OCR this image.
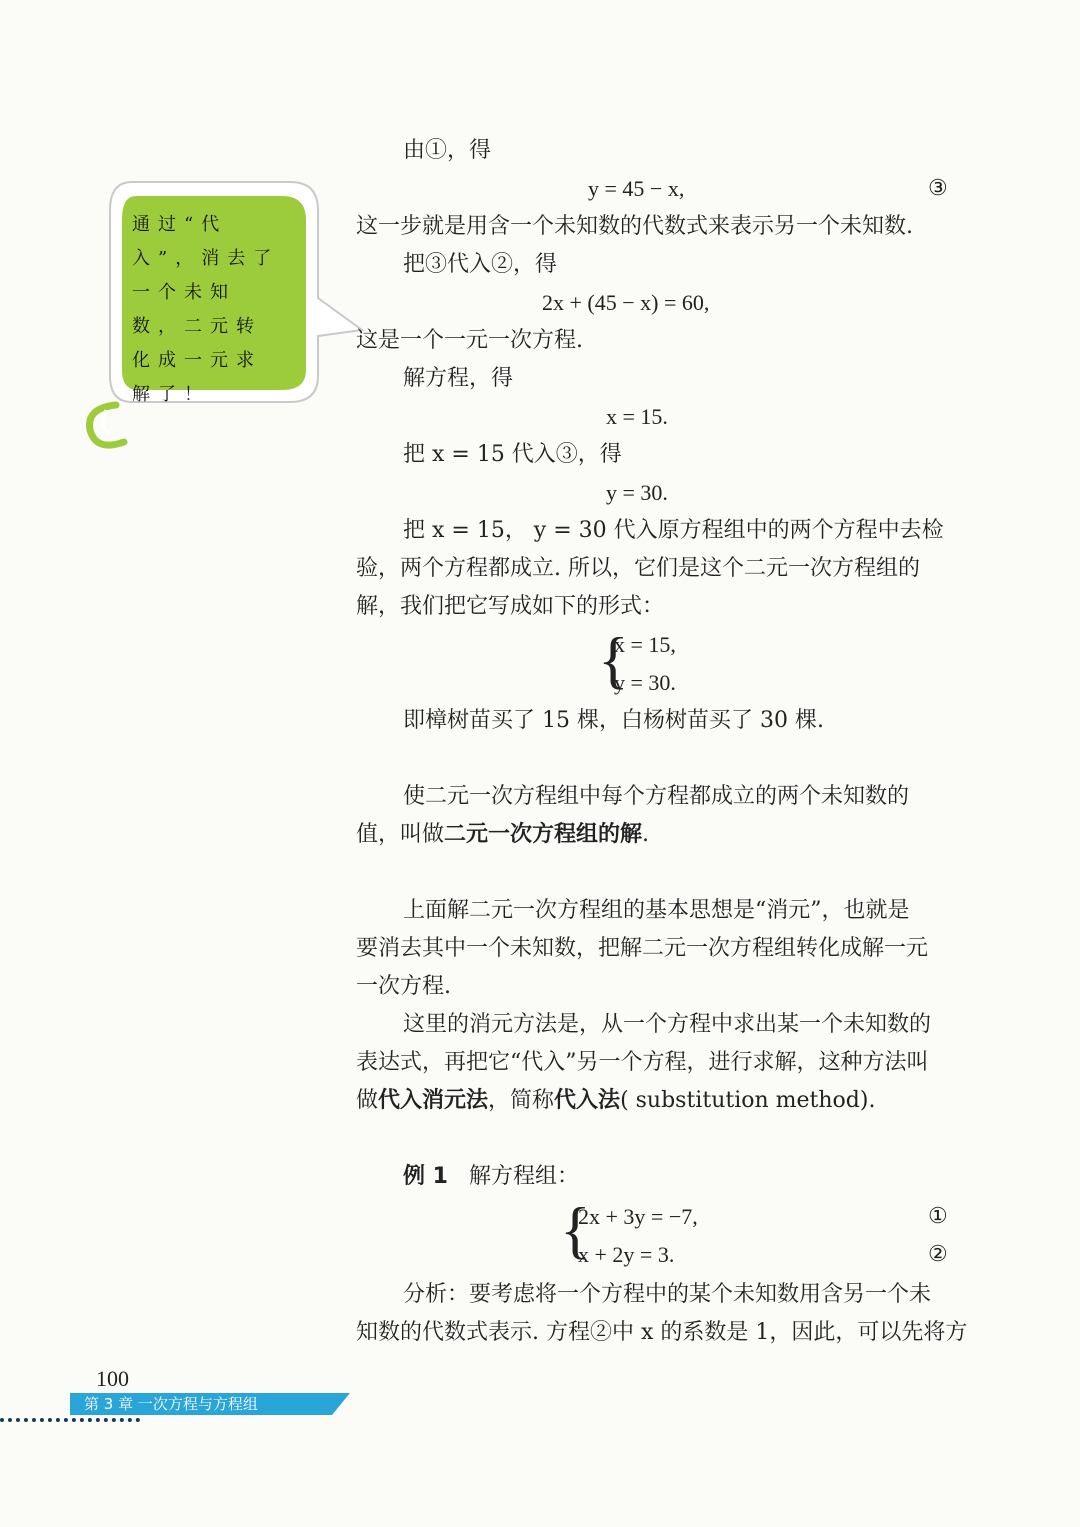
通过“代入”，消去了一个未知数，二元转化成一元求解了！
由①，得
y = 45 − x,	③
这一步就是用含一个未知数的代数式来表示另一个未知数.
把③代入②，得
2x + (45 − x) = 60,
这是一个一元一次方程.
解方程，得
x = 15.
把 x = 15 代入③，得
y = 30.
把 x = 15， y = 30 代入原方程组中的两个方程中去检
验，两个方程都成立. 所以，它们是这个二元一次方程组的
解，我们把它写成如下的形式：
{
x = 15,
y = 30.
即樟树苗买了 15 棵，白杨树苗买了 30 棵.
使二元一次方程组中每个方程都成立的两个未知数的
值，叫做二元一次方程组的解.
上面解二元一次方程组的基本思想是“消元”，也就是
要消去其中一个未知数，把解二元一次方程组转化成解一元
一次方程.
这里的消元方法是，从一个方程中求出某一个未知数的
表达式，再把它“代入”另一个方程，进行求解，这种方法叫
做代入消元法，简称代入法( substitution method).
例 1 解方程组：
{
2x + 3y = −7,	①
x + 2y = 3.	②
分析：要考虑将一个方程中的某个未知数用含另一个未
知数的代数式表示. 方程②中 x 的系数是 1，因此，可以先将方
100
第 3 章 一次方程与方程组
